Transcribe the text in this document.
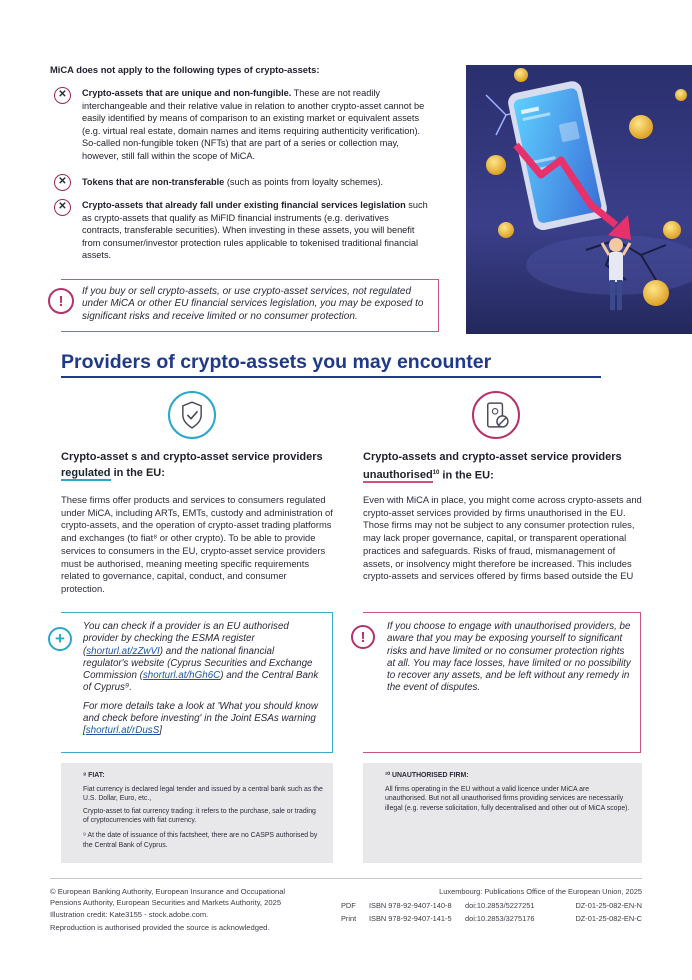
MiCA does not apply to the following types of crypto-assets:
✕	Crypto-assets that are unique and non-fungible. These are not readily interchangeable and their relative value in relation to another crypto-asset cannot be easily identified by means of comparison to an existing market or equivalent assets (e.g. virtual real estate, domain names and items requiring authenticity verification). So-called non-fungible token (NFTs) that are part of a series or collection may, however, still fall within the scope of MiCA.
✕	Tokens that are non-transferable (such as points from loyalty schemes).
✕	Crypto-assets that already fall under existing financial services legislation such as crypto-assets that qualify as MiFID financial instruments (e.g. derivatives contracts, transferable securities). When investing in these assets, you will benefit from consumer/investor protection rules applicable to tokenised traditional financial assets.
If you buy or sell crypto-assets, or use crypto-asset services, not regulated under MiCA or other EU financial services legislation, you may be exposed to significant risks and receive limited or no consumer protection.
!
Providers of crypto-assets you may encounter
Crypto-asset s and crypto-asset service providers regulated in the EU:
These firms offer products and services to consumers regulated under MiCA, including ARTs, EMTs, custody and administration of crypto-assets, and the operation of crypto-asset trading platforms and exchanges (to fiat⁸ or other crypto). To be able to provide services to consumers in the EU, crypto-asset service providers must be authorised, meaning meeting specific requirements related to governance, capital, conduct, and consumer protection.
You can check if a provider is an EU authorised provider by checking the ESMA register (shorturl.at/zZwVI) and the national financial regulator's website (Cyprus Securities and Exchange Commission (shorturl.at/hGh6C) and the Central Bank of Cyprus⁹.
For more details take a look at 'What you should know and check before investing' in the Joint ESAs warning [shorturl.at/rDusS]
+
Crypto-assets and crypto-asset service providers unauthorised$^{10}$ in the EU:
Even with MiCA in place, you might come across crypto-assets and crypto-asset services provided by firms unauthorised in the EU. Those firms may not be subject to any consumer protection rules, may lack proper governance, capital, or transparent operational practices and safeguards. Risks of fraud, mismanagement of assets, or insolvency might therefore be increased. This includes crypto-assets and services offered by firms based outside the EU
If you choose to engage with unauthorised providers, be aware that you may be exposing yourself to significant risks and have limited or no consumer protection rights at all. You may face losses, have limited or no possibility to recover any assets, and be left without any remedy in the event of disputes.
!
⁸ FIAT:

Fiat currency is declared legal tender and issued by a central bank such as the U.S. Dollar, Euro, etc.,

Crypto-asset to fiat currency trading: it refers to the purchase, sale or trading of cryptocurrencies with fiat currency.

⁹ At the date of issuance of this factsheet, there are no CASPS authorised by the Central Bank of Cyprus.

¹⁰ UNAUTHORISED FIRM:

All firms operating in the EU without a valid licence under MiCA are unauthorised. But not all unauthorised firms providing services are necessarily illegal (e.g. reverse solicitation, fully decentralised and other out of MiCA scope).

© European Banking Authority, European Insurance and Occupational Pensions Authority, European Securities and Markets Authority, 2025

Illustration credit: Kate3155 - stock.adobe.com.

Reproduction is authorised provided the source is acknowledged.

Luxembourg: Publications Office of the European Union, 2025
PDF	ISBN 978-92-9407-140-8	doi:10.2853/5227251	DZ-01-25-082-EN-N
Print	ISBN 978-92-9407-141-5	doi:10.2853/3275176	DZ-01-25-082-EN-C
